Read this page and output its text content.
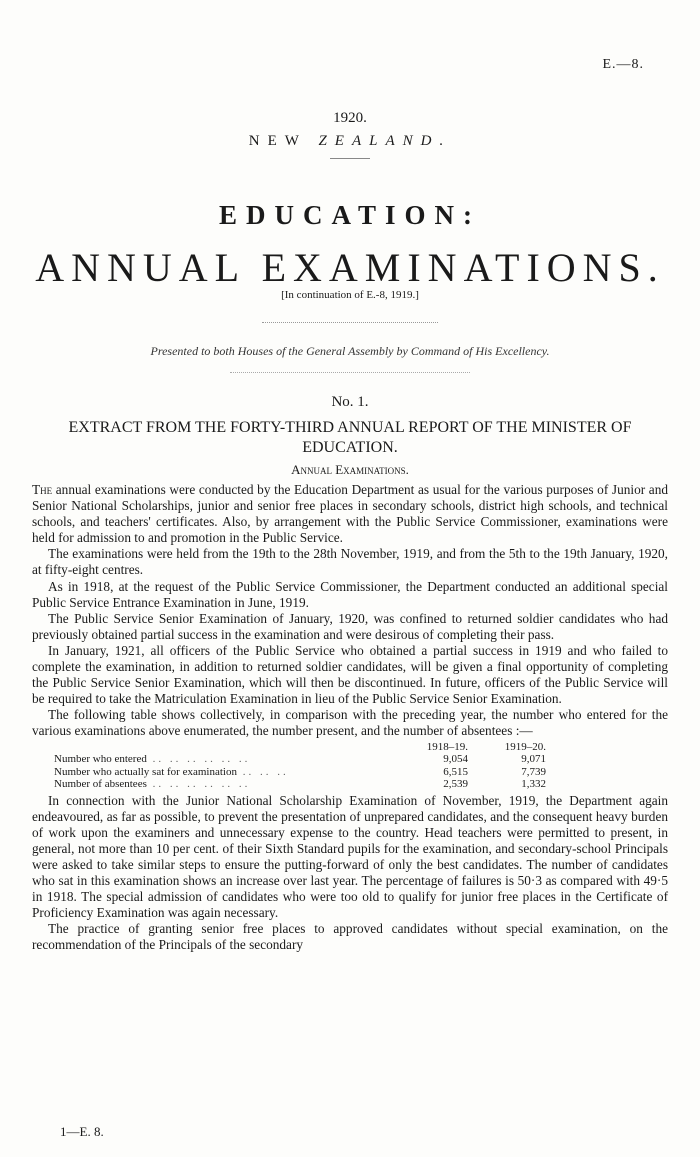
E.—8.
1920.
NEW ZEALAND.
EDUCATION:
ANNUAL EXAMINATIONS.
[In continuation of E.-8, 1919.]
Presented to both Houses of the General Assembly by Command of His Excellency.
No. 1.
EXTRACT FROM THE FORTY-THIRD ANNUAL REPORT OF THE MINISTER OF EDUCATION.
Annual Examinations.

The annual examinations were conducted by the Education Department as usual for the various purposes of Junior and Senior National Scholarships, junior and senior free places in secondary schools, district high schools, and technical schools, and teachers' certificates. Also, by arrangement with the Public Service Commissioner, examinations were held for admission to and promotion in the Public Service.

The examinations were held from the 19th to the 28th November, 1919, and from the 5th to the 19th January, 1920, at fifty-eight centres.

As in 1918, at the request of the Public Service Commissioner, the Department conducted an additional special Public Service Entrance Examination in June, 1919.

The Public Service Senior Examination of January, 1920, was confined to returned soldier candidates who had previously obtained partial success in the examination and were desirous of completing their pass.

In January, 1921, all officers of the Public Service who obtained a partial success in 1919 and who failed to complete the examination, in addition to returned soldier candidates, will be given a final opportunity of completing the Public Service Senior Examination, which will then be discontinued. In future, officers of the Public Service will be required to take the Matriculation Examination in lieu of the Public Service Senior Examination.

The following table shows collectively, in comparison with the preceding year, the number who entered for the various examinations above enumerated, the number present, and the number of absentees :—

1918–19.	1919–20.
Number who entered .. .. .. .. .. ..	9,054	9,071
Number who actually sat for examination .. .. ..	6,515	7,739
Number of absentees .. .. .. .. .. ..	2,539	1,332

In connection with the Junior National Scholarship Examination of November, 1919, the Department again endeavoured, as far as possible, to prevent the presentation of unprepared candidates, and the consequent heavy burden of work upon the examiners and unnecessary expense to the country. Head teachers were permitted to present, in general, not more than 10 per cent. of their Sixth Standard pupils for the examination, and secondary-school Principals were asked to take similar steps to ensure the putting-forward of only the best candidates. The number of candidates who sat in this examination shows an increase over last year. The percentage of failures is 50·3 as compared with 49·5 in 1918. The special admission of candidates who were too old to qualify for junior free places in the Certificate of Proficiency Examination was again necessary.

The practice of granting senior free places to approved candidates without special examination, on the recommendation of the Principals of the secondary

1—E. 8.
